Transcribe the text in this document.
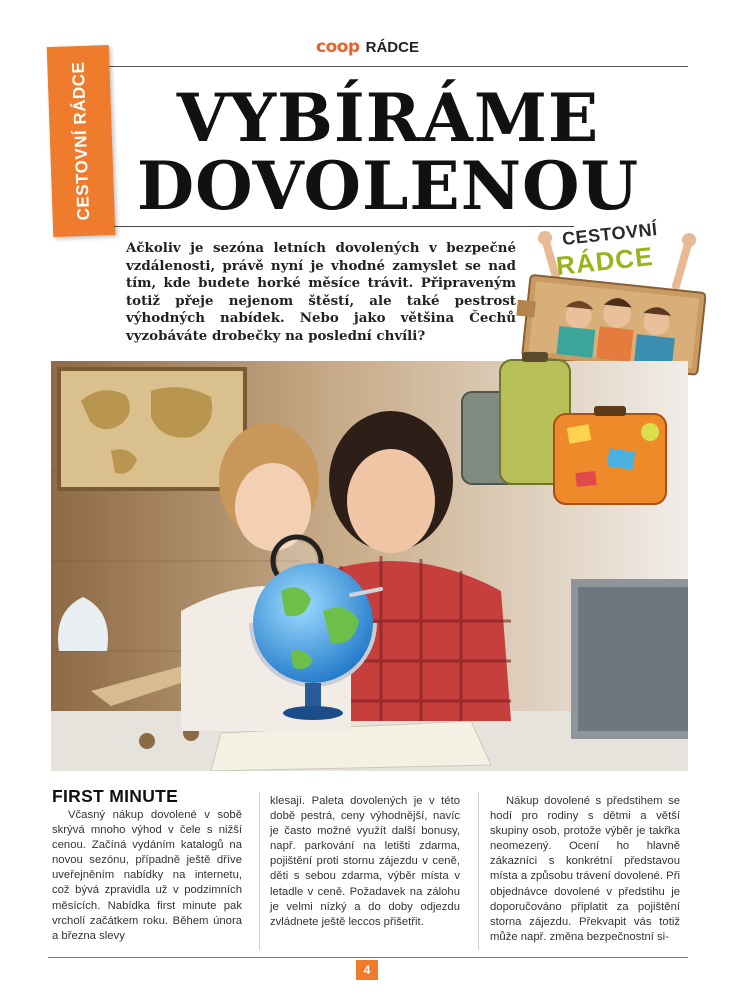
coop RÁDCE
CESTOVNÍ RÁDCE	VYBÍRÁME
DOVOLENOU

Ačkoliv je sezóna letních dovolených v bezpečné vzdálenosti, právě nyní je vhodné zamyslet se nad tím, kde budete horké měsíce trávit. Připraveným totiž přeje nejenom štěstí, ale také pestrost výhodných nabídek. Nebo jako většina Čechů vyzobáváte drobečky na poslední chvíli?

CESTOVNÍ
RÁDCE
FIRST MINUTE

Včasný nákup dovolené v sobě skrývá mnoho výhod v čele s nižší cenou. Začíná vydáním katalogů na novou sezónu, případně ještě dříve uveřejněním nabídky na internetu, což bývá zpravidla už v podzimních měsících. Nabídka first minute pak vrcholí začátkem roku. Během února a března slevy

klesají. Paleta dovolených je v této době pestrá, ceny výhodnější, navíc je často možné využít další bonusy, např. parkování na letišti zdarma, pojištění proti stornu zájezdu v ceně, děti s sebou zdarma, výběr místa v letadle v ceně. Požadavek na zálohu je velmi nízký a do doby odjezdu zvládnete ještě leccos přišetřit.

Nákup dovolené s předstihem se hodí pro rodiny s dětmi a větší skupiny osob, protože výběr je takřka neomezený. Ocení ho hlavně zákazníci s konkrétní představou místa a způsobu trávení dovolené. Při objednávce dovolené v předstihu je doporučováno připlatit za pojištění storna zájezdu. Překvapit vás totiž může např. změna bezpečnostní si-

4
